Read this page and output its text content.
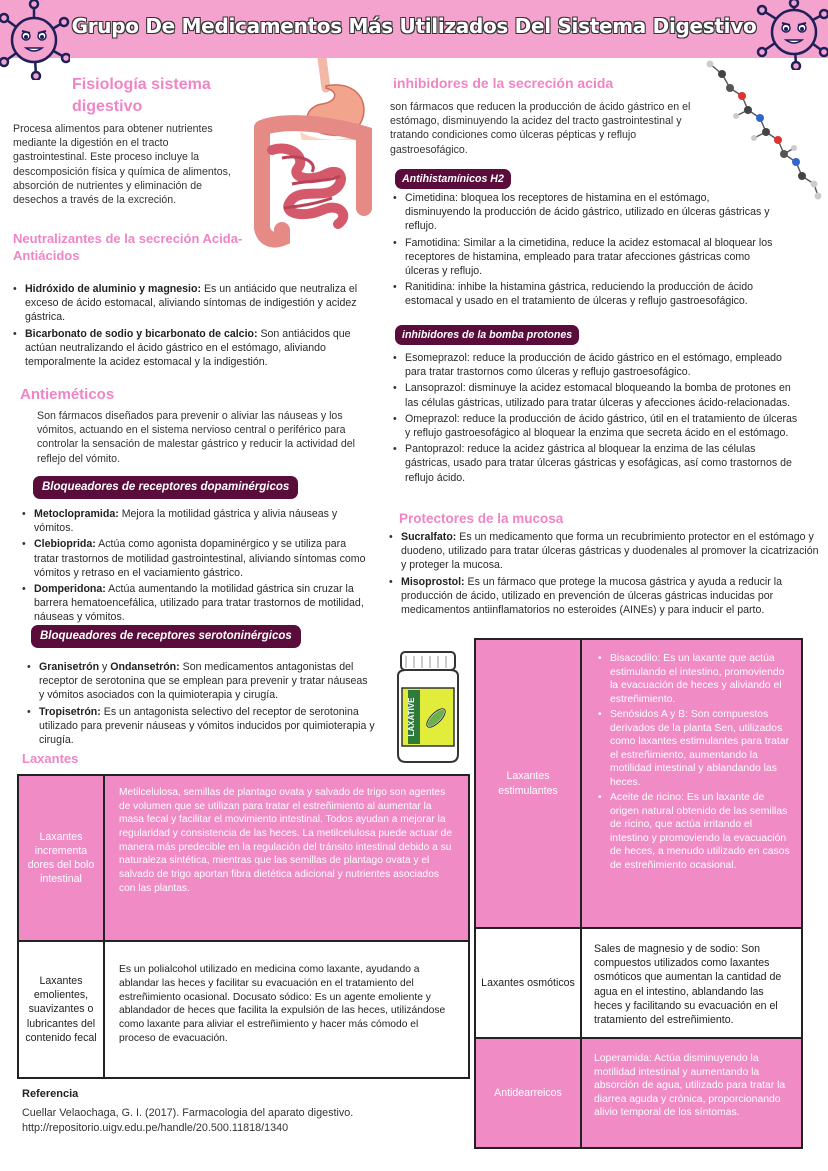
Grupo De Medicamentos Más Utilizados Del Sistema Digestivo
Fisiología sistema digestivo
Procesa alimentos para obtener nutrientes mediante la digestión en el tracto gastrointestinal. Este proceso incluye la descomposición física y química de alimentos, absorción de nutrientes y eliminación de desechos a través de la excreción.
Neutralizantes de la secreción Acida- Antiácidos
• Hidróxido de aluminio y magnesio: Es un antiácido que neutraliza el exceso de ácido estomacal, aliviando síntomas de indigestión y acidez gástrica.
• Bicarbonato de sodio y bicarbonato de calcio: Son antiácidos que actúan neutralizando el ácido gástrico en el estómago, aliviando temporalmente la acidez estomacal y la indigestión.
Antieméticos
Son fármacos diseñados para prevenir o aliviar las náuseas y los vómitos, actuando en el sistema nervioso central o periférico para controlar la sensación de malestar gástrico y reducir la actividad del reflejo del vómito.
Bloqueadores de receptores dopaminérgicos
• Metoclopramida: Mejora la motilidad gástrica y alivia náuseas y vómitos.
• Clebioprida: Actúa como agonista dopaminérgico y se utiliza para tratar trastornos de motilidad gastrointestinal, aliviando síntomas como vómitos y retraso en el vaciamiento gástrico.
• Domperidona: Actúa aumentando la motilidad gástrica sin cruzar la barrera hematoencefálica, utilizado para tratar trastornos de motilidad, náuseas y vómitos.
Bloqueadores de receptores serotoninérgicos
• Granisetrón y Ondansetrón: Son medicamentos antagonistas del receptor de serotonina que se emplean para prevenir y tratar náuseas y vómitos asociados con la quimioterapia y cirugía.
• Tropisetrón: Es un antagonista selectivo del receptor de serotonina utilizado para prevenir náuseas y vómitos inducidos por quimioterapia y cirugía.
LAXATIVE
Laxantes
Laxantes incrementa dores del bolo intestinal
Metilcelulosa, semillas de plantago ovata y salvado de trigo son agentes de volumen que se utilizan para tratar el estreñimiento al aumentar la masa fecal y facilitar el movimiento intestinal. Todos ayudan a mejorar la regularidad y consistencia de las heces. La metilcelulosa puede actuar de manera más predecible en la regulación del tránsito intestinal debido a su naturaleza sintética, mientras que las semillas de plantago ovata y el salvado de trigo aportan fibra dietética adicional y nutrientes asociados con las plantas.
Laxantes emolientes, suavizantes o lubricantes del contenido fecal
Es un polialcohol utilizado en medicina como laxante, ayudando a ablandar las heces y facilitar su evacuación en el tratamiento del estreñimiento ocasional. Docusato sódico: Es un agente emoliente y ablandador de heces que facilita la expulsión de las heces, utilizándose como laxante para aliviar el estreñimiento y hacer más cómodo el proceso de evacuación.
Referencia
Cuellar Velaochaga, G. I. (2017). Farmacologia del aparato digestivo.
http://repositorio.uigv.edu.pe/handle/20.500.11818/1340
inhibidores de la secreción acida
son fármacos que reducen la producción de ácido gástrico en el estómago, disminuyendo la acidez del tracto gastrointestinal y tratando condiciones como úlceras pépticas y reflujo gastroesofágico.
Antihistamínicos H2
• Cimetidina: bloquea los receptores de histamina en el estómago, disminuyendo la producción de ácido gástrico, utilizado en úlceras gástricas y reflujo.
• Famotidina: Similar a la cimetidina, reduce la acidez estomacal al bloquear los receptores de histamina, empleado para tratar afecciones gástricas como úlceras y reflujo.
• Ranitidina: inhibe la histamina gástrica, reduciendo la producción de ácido estomacal y usado en el tratamiento de úlceras y reflujo gastroesofágico.
inhibidores de la bomba protones
• Esomeprazol: reduce la producción de ácido gástrico en el estómago, empleado para tratar trastornos como úlceras y reflujo gastroesofágico.
• Lansoprazol: disminuye la acidez estomacal bloqueando la bomba de protones en las células gástricas, utilizado para tratar úlceras y afecciones ácido-relacionadas.
• Omeprazol: reduce la producción de ácido gástrico, útil en el tratamiento de úlceras y reflujo gastroesofágico al bloquear la enzima que secreta ácido en el estómago.
• Pantoprazol: reduce la acidez gástrica al bloquear la enzima de las células gástricas, usado para tratar úlceras gástricas y esofágicas, así como trastornos de reflujo ácido.
Protectores de la mucosa
• Sucralfato: Es un medicamento que forma un recubrimiento protector en el estómago y duodeno, utilizado para tratar úlceras gástricas y duodenales al promover la cicatrización y proteger la mucosa.
• Misoprostol: Es un fármaco que protege la mucosa gástrica y ayuda a reducir la producción de ácido, utilizado en prevención de úlceras gástricas inducidas por medicamentos antiinflamatorios no esteroides (AINEs) y para inducir el parto.
Laxantes estimulantes
• Bisacodilo: Es un laxante que actúa estimulando el intestino, promoviendo la evacuación de heces y aliviando el estreñimiento.
• Senósidos A y B: Son compuestos derivados de la planta Sen, utilizados como laxantes estimulantes para tratar el estreñimiento, aumentando la motilidad intestinal y ablandando las heces.
• Aceite de ricino: Es un laxante de origen natural obtenido de las semillas de ricino, que actúa irritando el intestino y promoviendo la evacuación de heces, a menudo utilizado en casos de estreñimiento ocasional.
Laxantes osmóticos
Sales de magnesio y de sodio: Son compuestos utilizados como laxantes osmóticos que aumentan la cantidad de agua en el intestino, ablandando las heces y facilitando su evacuación en el tratamiento del estreñimiento.
Antidearreicos
Loperamida: Actúa disminuyendo la motilidad intestinal y aumentando la absorción de agua, utilizado para tratar la diarrea aguda y crónica, proporcionando alivio temporal de los síntomas.
